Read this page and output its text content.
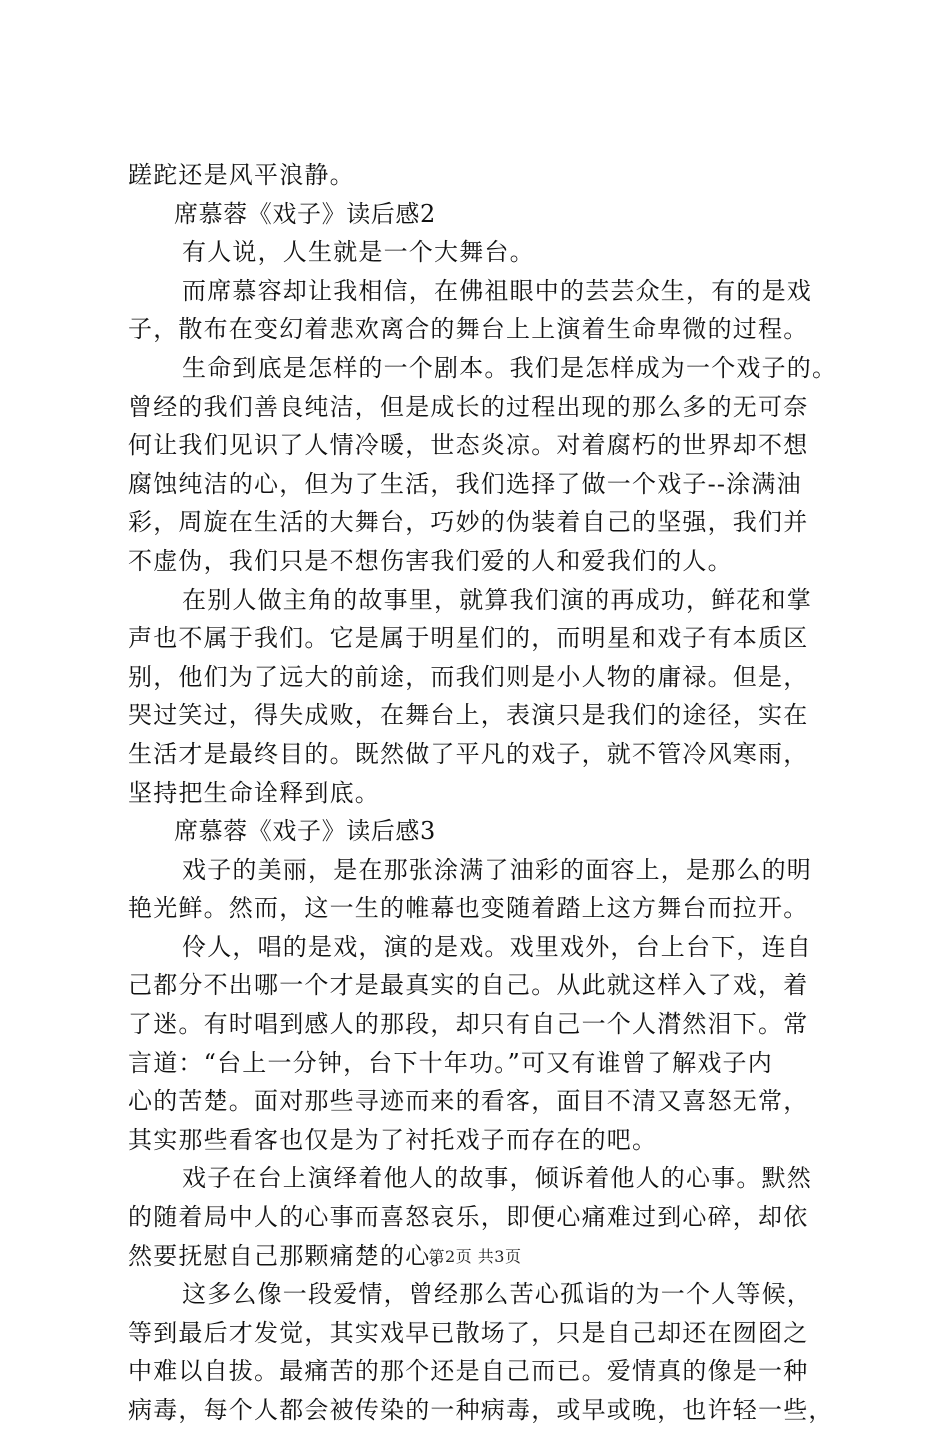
蹉跎还是风平浪静。
席慕蓉《戏子》读后感2
有人说，人生就是一个大舞台。
而席慕容却让我相信，在佛祖眼中的芸芸众生，有的是戏
子，散布在变幻着悲欢离合的舞台上上演着生命卑微的过程。
生命到底是怎样的一个剧本。我们是怎样成为一个戏子的。
曾经的我们善良纯洁，但是成长的过程出现的那么多的无可奈
何让我们见识了人情冷暖，世态炎凉。对着腐朽的世界却不想
腐蚀纯洁的心，但为了生活，我们选择了做一个戏子--涂满油
彩，周旋在生活的大舞台，巧妙的伪装着自己的坚强，我们并
不虚伪，我们只是不想伤害我们爱的人和爱我们的人。
在别人做主角的故事里，就算我们演的再成功，鲜花和掌
声也不属于我们。它是属于明星们的，而明星和戏子有本质区
别，他们为了远大的前途，而我们则是小人物的庸禄。但是，
哭过笑过，得失成败，在舞台上，表演只是我们的途径，实在
生活才是最终目的。既然做了平凡的戏子，就不管冷风寒雨，
坚持把生命诠释到底。
席慕蓉《戏子》读后感3
戏子的美丽，是在那张涂满了油彩的面容上，是那么的明
艳光鲜。然而，这一生的帷幕也变随着踏上这方舞台而拉开。
伶人，唱的是戏，演的是戏。戏里戏外，台上台下，连自
己都分不出哪一个才是最真实的自己。从此就这样入了戏，着
了迷。有时唱到感人的那段，却只有自己一个人潸然泪下。常
言道：“台上一分钟，台下十年功。”可又有谁曾了解戏子内
心的苦楚。面对那些寻迹而来的看客，面目不清又喜怒无常，
其实那些看客也仅是为了衬托戏子而存在的吧。
戏子在台上演绎着他人的故事，倾诉着他人的心事。默然
的随着局中人的心事而喜怒哀乐，即便心痛难过到心碎，却依
然要抚慰自己那颗痛楚的心。
这多么像一段爱情，曾经那么苦心孤诣的为一个人等候，
等到最后才发觉，其实戏早已散场了，只是自己却还在囫囵之
中难以自拔。最痛苦的那个还是自己而已。爱情真的像是一种
病毒，每个人都会被传染的一种病毒，或早或晚，也许轻一些，
第2页 共3页
